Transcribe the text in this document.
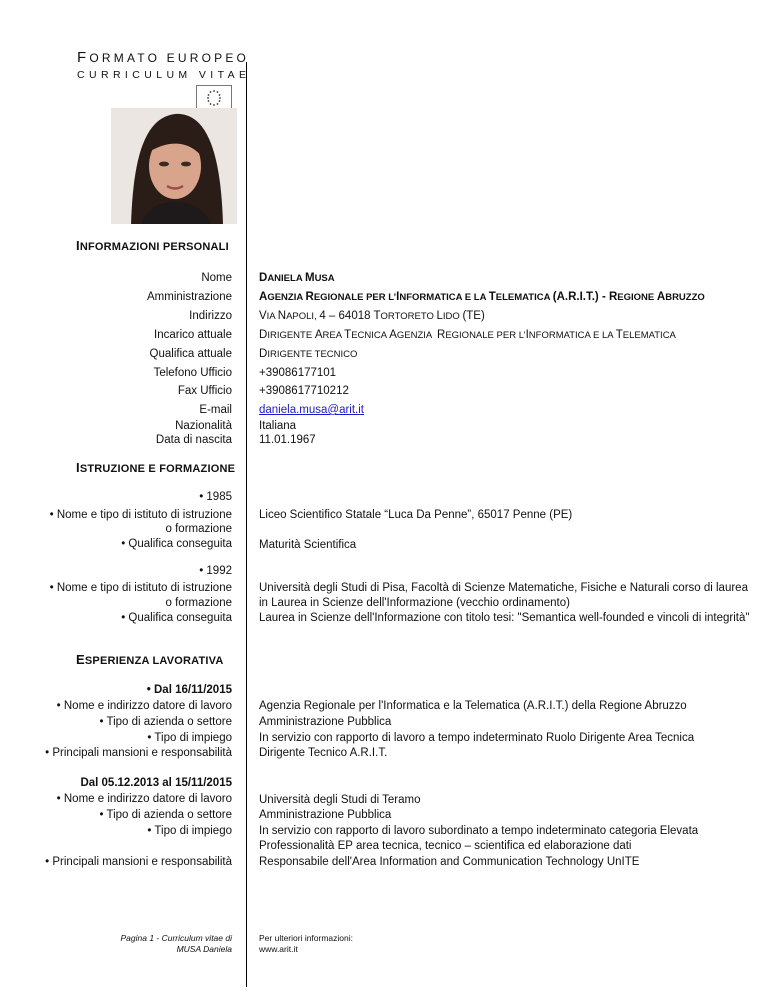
FORMATO EUROPEO
CURRICULUM VITAE
INFORMAZIONI PERSONALI
Nome DANIELA MUSA
Amministrazione AGENZIA REGIONALE PER L’INFORMATICA E LA TELEMATICA (A.R.I.T.) - REGIONE ABRUZZO
Indirizzo VIA NAPOLI, 4 – 64018 TORTORETO LIDO (TE)
Incarico attuale DIRIGENTE AREA TECNICA AGENZIA  REGIONALE PER L’INFORMATICA E LA TELEMATICA
Qualifica attuale DIRIGENTE TECNICO
Telefono Ufficio +39086177101
Fax Ufficio +3908617710212
E-mail daniela.musa@arit.it
Nazionalità Italiana
Data di nascita 11.01.1967
ISTRUZIONE E FORMAZIONE
• 1985
• Nome e tipo di istituto di istruzione
o formazione
• Qualifica conseguita
Liceo Scientifico Statale “Luca Da Penne”, 65017 Penne (PE)
Maturità Scientifica
• 1992
• Nome e tipo di istituto di istruzione
o formazione
• Qualifica conseguita
Università degli Studi di Pisa, Facoltà di Scienze Matematiche, Fisiche e Naturali corso di laurea
in Laurea in Scienze dell'Informazione (vecchio ordinamento)
Laurea in Scienze dell'Informazione con titolo tesi: "Semantica well-founded e vincoli di integrità"
ESPERIENZA LAVORATIVA
• Dal 16/11/2015
• Nome e indirizzo datore di lavoro
• Tipo di azienda o settore
• Tipo di impiego
• Principali mansioni e responsabilità
Agenzia Regionale per l'Informatica e la Telematica (A.R.I.T.) della Regione Abruzzo
Amministrazione Pubblica
In servizio con rapporto di lavoro a tempo indeterminato Ruolo Dirigente Area Tecnica
Dirigente Tecnico A.R.I.T.
Dal 05.12.2013 al 15/11/2015
• Nome e indirizzo datore di lavoro
• Tipo di azienda o settore
• Tipo di impiego
• Principali mansioni e responsabilità
Università degli Studi di Teramo
Amministrazione Pubblica
In servizio con rapporto di lavoro subordinato a tempo indeterminato categoria Elevata
Professionalità EP area tecnica, tecnico – scientifica ed elaborazione dati
Responsabile dell'Area Information and Communication Technology UnITE
Pagina 1 - Curriculum vitae di
MUSA Daniela
Per ulteriori informazioni:
www.arit.it
